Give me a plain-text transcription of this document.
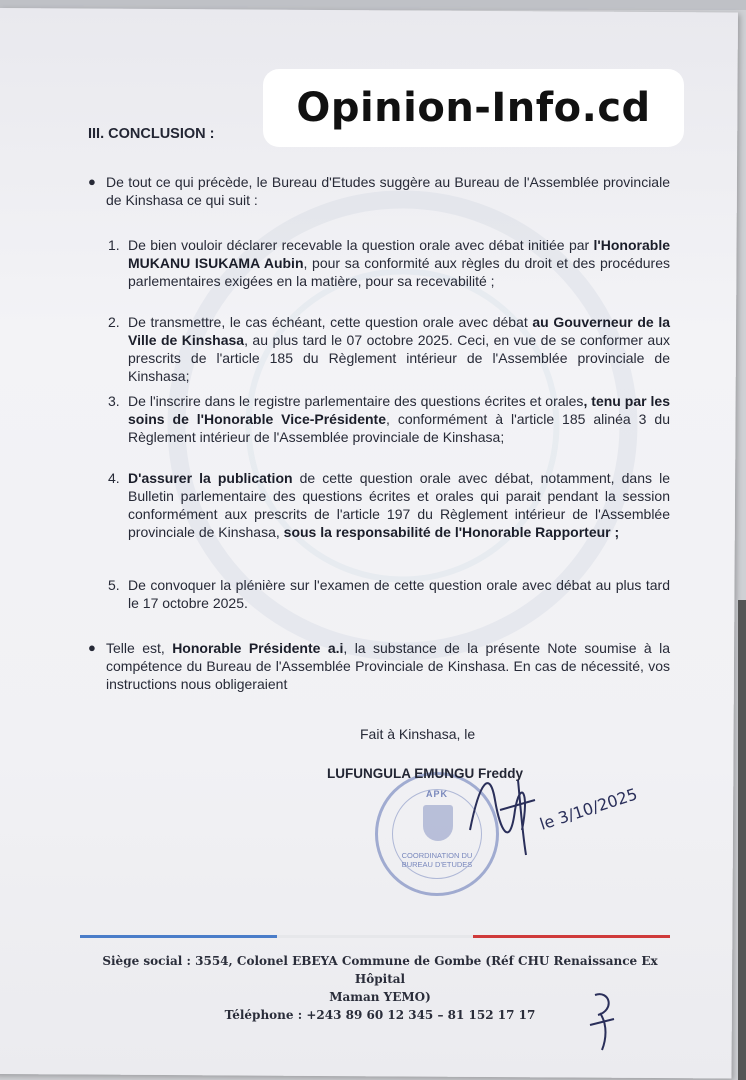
Opinion-Info.cd
III. CONCLUSION :
● De tout ce qui précède, le Bureau d'Etudes suggère au Bureau de l'Assemblée provinciale de Kinshasa ce qui suit :
1. De bien vouloir déclarer recevable la question orale avec débat initiée par l'Honorable MUKANU ISUKAMA Aubin, pour sa conformité aux règles du droit et des procédures parlementaires exigées en la matière, pour sa recevabilité ;
2. De transmettre, le cas échéant, cette question orale avec débat au Gouverneur de la Ville de Kinshasa, au plus tard le 07 octobre 2025. Ceci, en vue de se conformer aux prescrits de l'article 185 du Règlement intérieur de l'Assemblée provinciale de Kinshasa;
3. De l'inscrire dans le registre parlementaire des questions écrites et orales, tenu par les soins de l'Honorable Vice-Présidente, conformément à l'article 185 alinéa 3 du Règlement intérieur de l'Assemblée provinciale de Kinshasa;
4. D'assurer la publication de cette question orale avec débat, notamment, dans le Bulletin parlementaire des questions écrites et orales qui parait pendant la session conformément aux prescrits de l'article 197 du Règlement intérieur de l'Assemblée provinciale de Kinshasa, sous la responsabilité de l'Honorable Rapporteur ;
5. De convoquer la plénière sur l'examen de cette question orale avec débat au plus tard le 17 octobre 2025.
● Telle est, Honorable Présidente a.i, la substance de la présente Note soumise à la compétence du Bureau de l'Assemblée Provinciale de Kinshasa. En cas de nécessité, vos instructions nous obligeraient
Fait à Kinshasa, le
APK
COORDINATION DU
BUREAU D'ETUDES
LUFUNGULA EMUNGU Freddy
le 3/10/2025
Siège social : 3554, Colonel EBEYA Commune de Gombe (Réf CHU Renaissance Ex Hôpital
Maman YEMO)
Téléphone : +243 89 60 12 345 – 81 152 17 17
